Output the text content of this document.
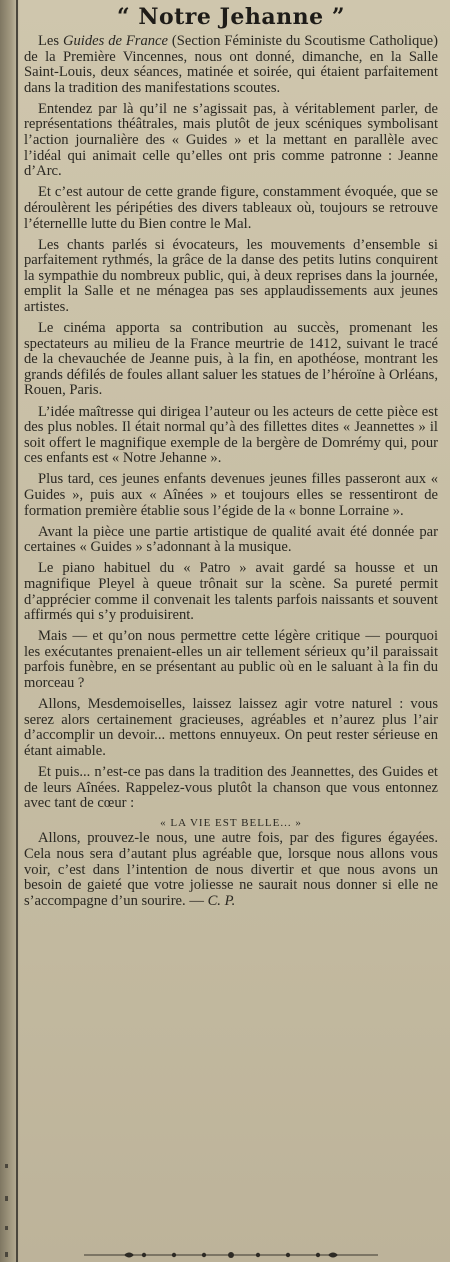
“ Notre Jehanne ”

Les Guides de France (Section Féministe du Scoutisme Catholique) de la Première Vincennes, nous ont donné, dimanche, en la Salle Saint-Louis, deux séances, matinée et soirée, qui étaient parfaitement dans la tradition des manifestations scoutes.

Entendez par là qu’il ne s’agissait pas, à véritablement parler, de représentations théâtrales, mais plutôt de jeux scéniques symbolisant l’action journalière des « Guides » et la mettant en parallèle avec l’idéal qui animait celle qu’elles ont pris comme patronne : Jeanne d’Arc.

Et c’est autour de cette grande figure, constamment évoquée, que se déroulèrent les péripéties des divers tableaux où, toujours se retrouve l’éternellle lutte du Bien contre le Mal.

Les chants parlés si évocateurs, les mouvements d’ensemble si parfaitement rythmés, la grâce de la danse des petits lutins conquirent la sympathie du nombreux public, qui, à deux reprises dans la journée, emplit la Salle et ne ménagea pas ses applaudissements aux jeunes artistes.

Le cinéma apporta sa contribution au succès, promenant les spectateurs au milieu de la France meurtrie de 1412, suivant le tracé de la chevauchée de Jeanne puis, à la fin, en apothéose, montrant les grands défilés de foules allant saluer les statues de l’héroïne à Orléans, Rouen, Paris.

L’idée maîtresse qui dirigea l’auteur ou les acteurs de cette pièce est des plus nobles. Il était normal qu’à des fillettes dites « Jeannettes » il soit offert le magnifique exemple de la bergère de Domrémy qui, pour ces enfants est « Notre Jehanne ».

Plus tard, ces jeunes enfants devenues jeunes filles passeront aux « Guides », puis aux « Aînées » et toujours elles se ressentiront de formation première établie sous l’égide de la « bonne Lorraine ».

Avant la pièce une partie artistique de qualité avait été donnée par certaines « Guides » s’adonnant à la musique.

Le piano habituel du « Patro » avait gardé sa housse et un magnifique Pleyel à queue trônait sur la scène. Sa pureté permit d’apprécier comme il convenait les talents parfois naissants et souvent affirmés qui s’y produisirent.

Mais — et qu’on nous permettre cette légère critique — pourquoi les exécutantes prenaient-elles un air tellement sérieux qu’il paraissait parfois funèbre, en se présentant au public où en le saluant à la fin du morceau ?

Allons, Mesdemoiselles, laissez laissez agir votre naturel : vous serez alors certainement gracieuses, agréables et n’aurez plus l’air d’accomplir un devoir... mettons ennuyeux. On peut rester sérieuse en étant aimable.

Et puis... n’est-ce pas dans la tradition des Jeannettes, des Guides et de leurs Aînées. Rappelez-vous plutôt la chanson que vous entonnez avec tant de cœur :

« LA VIE EST BELLE... »

Allons, prouvez-le nous, une autre fois, par des figures égayées. Cela nous sera d’autant plus agréable que, lorsque nous allons vous voir, c’est dans l’intention de nous divertir et que nous avons un besoin de gaieté que votre joliesse ne saurait nous donner si elle ne s’accompagne d’un sourire. — C. P.
